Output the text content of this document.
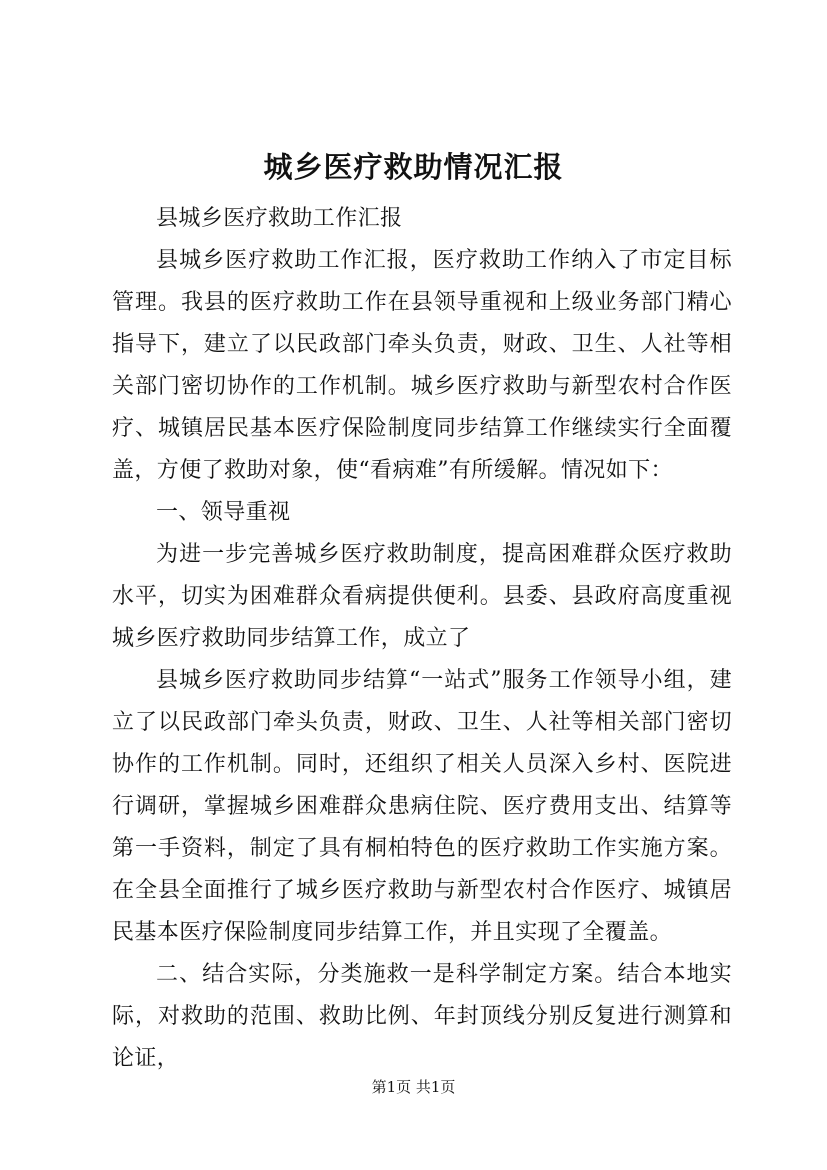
城乡医疗救助情况汇报

县城乡医疗救助工作汇报

县城乡医疗救助工作汇报，医疗救助工作纳入了市定目标管理。我县的医疗救助工作在县领导重视和上级业务部门精心指导下，建立了以民政部门牵头负责，财政、卫生、人社等相关部门密切协作的工作机制。城乡医疗救助与新型农村合作医疗、城镇居民基本医疗保险制度同步结算工作继续实行全面覆盖，方便了救助对象，使“看病难”有所缓解。情况如下：

一、领导重视

为进一步完善城乡医疗救助制度，提高困难群众医疗救助水平，切实为困难群众看病提供便利。县委、县政府高度重视城乡医疗救助同步结算工作，成立了

县城乡医疗救助同步结算“一站式”服务工作领导小组，建立了以民政部门牵头负责，财政、卫生、人社等相关部门密切协作的工作机制。同时，还组织了相关人员深入乡村、医院进行调研，掌握城乡困难群众患病住院、医疗费用支出、结算等第一手资料，制定了具有桐柏特色的医疗救助工作实施方案。在全县全面推行了城乡医疗救助与新型农村合作医疗、城镇居民基本医疗保险制度同步结算工作，并且实现了全覆盖。

二、结合实际，分类施救一是科学制定方案。结合本地实际，对救助的范围、救助比例、年封顶线分别反复进行测算和论证，

第1页 共1页
